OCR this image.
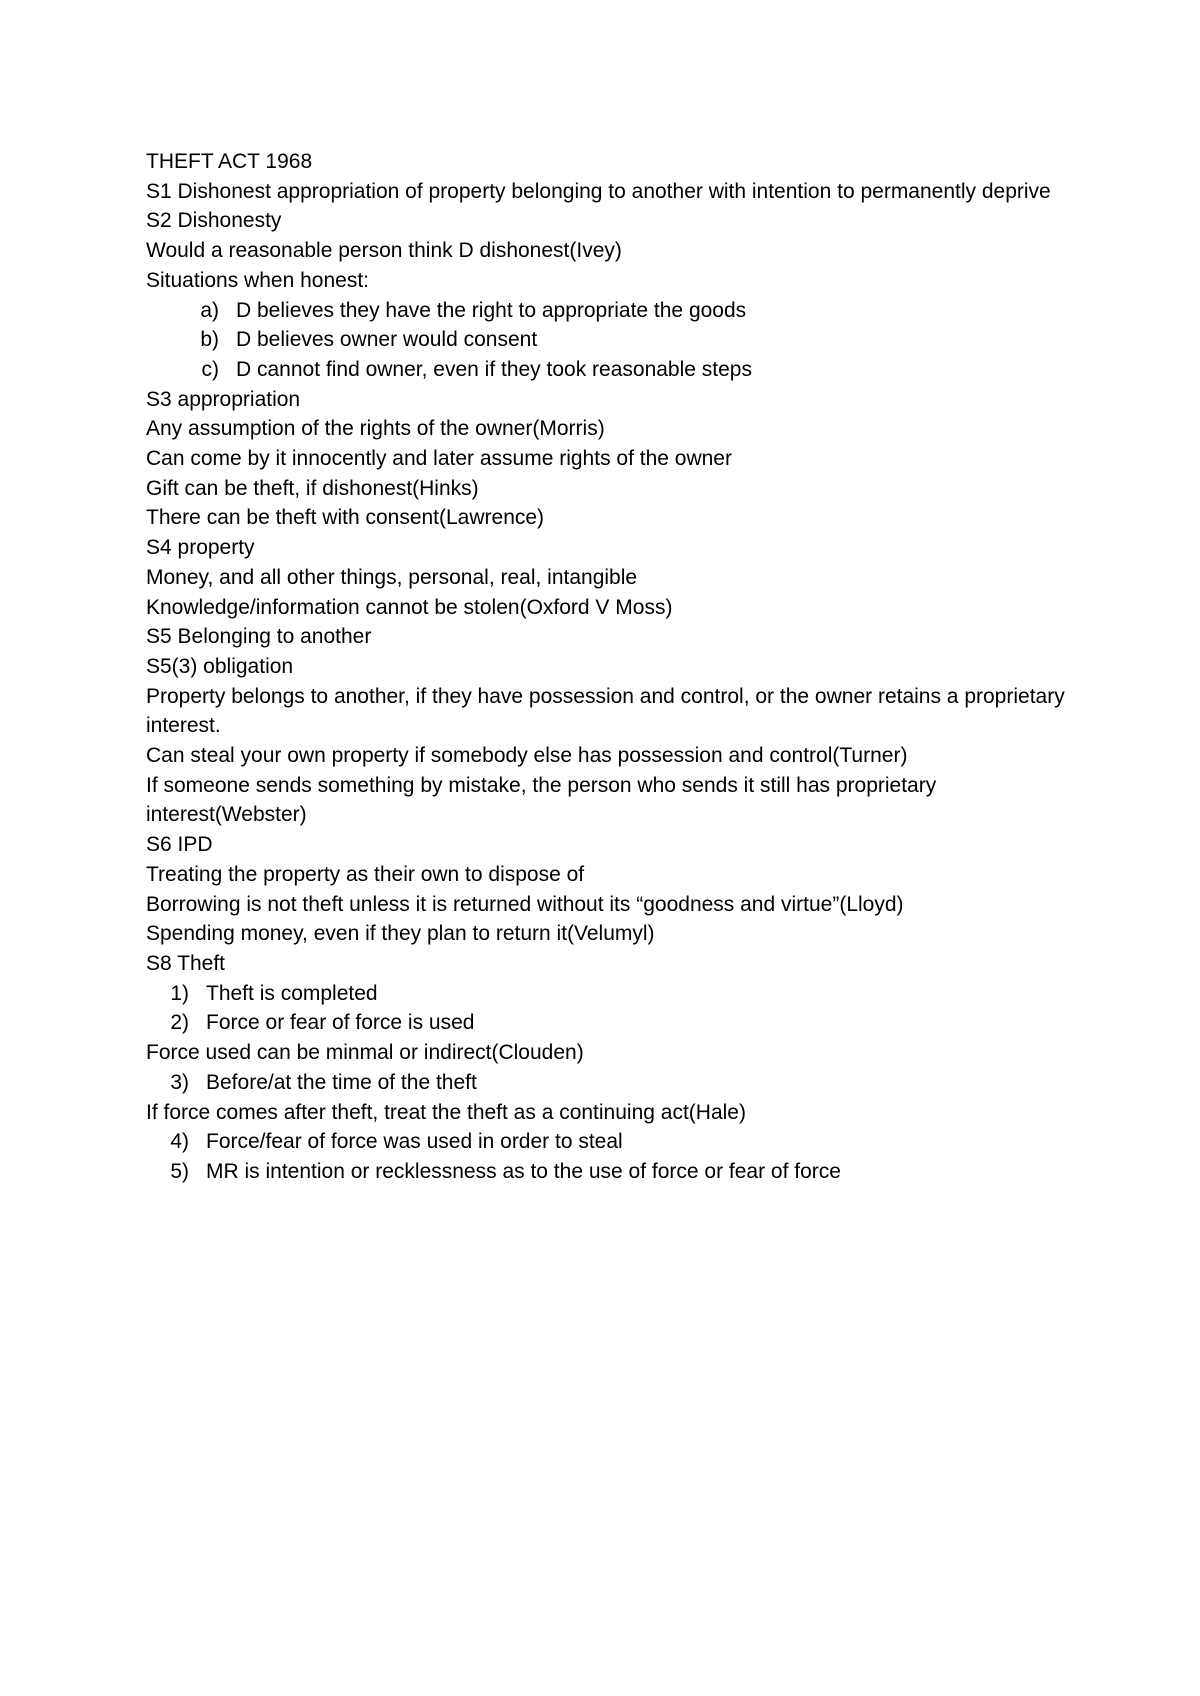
THEFT ACT 1968

S1 Dishonest appropriation of property belonging to another with intention to permanently deprive

S2 Dishonesty

Would a reasonable person think D dishonest(Ivey)

Situations when honest:

a) D believes they have the right to appropriate the goods
b) D believes owner would consent
c) D cannot find owner, even if they took reasonable steps

S3 appropriation

Any assumption of the rights of the owner(Morris)

Can come by it innocently and later assume rights of the owner

Gift can be theft, if dishonest(Hinks)

There can be theft with consent(Lawrence)

S4 property

Money, and all other things, personal, real, intangible

Knowledge/information cannot be stolen(Oxford V Moss)

S5 Belonging to another

S5(3) obligation

Property belongs to another, if they have possession and control, or the owner retains a proprietary interest.

Can steal your own property if somebody else has possession and control(Turner)

If someone sends something by mistake, the person who sends it still has proprietary interest(Webster)

S6 IPD

Treating the property as their own to dispose of

Borrowing is not theft unless it is returned without its “goodness and virtue”(Lloyd)

Spending money, even if they plan to return it(Velumyl)

S8 Theft

1) Theft is completed
2) Force or fear of force is used

Force used can be minmal or indirect(Clouden)

3) Before/at the time of the theft

If force comes after theft, treat the theft as a continuing act(Hale)

4) Force/fear of force was used in order to steal
5) MR is intention or recklessness as to the use of force or fear of force
